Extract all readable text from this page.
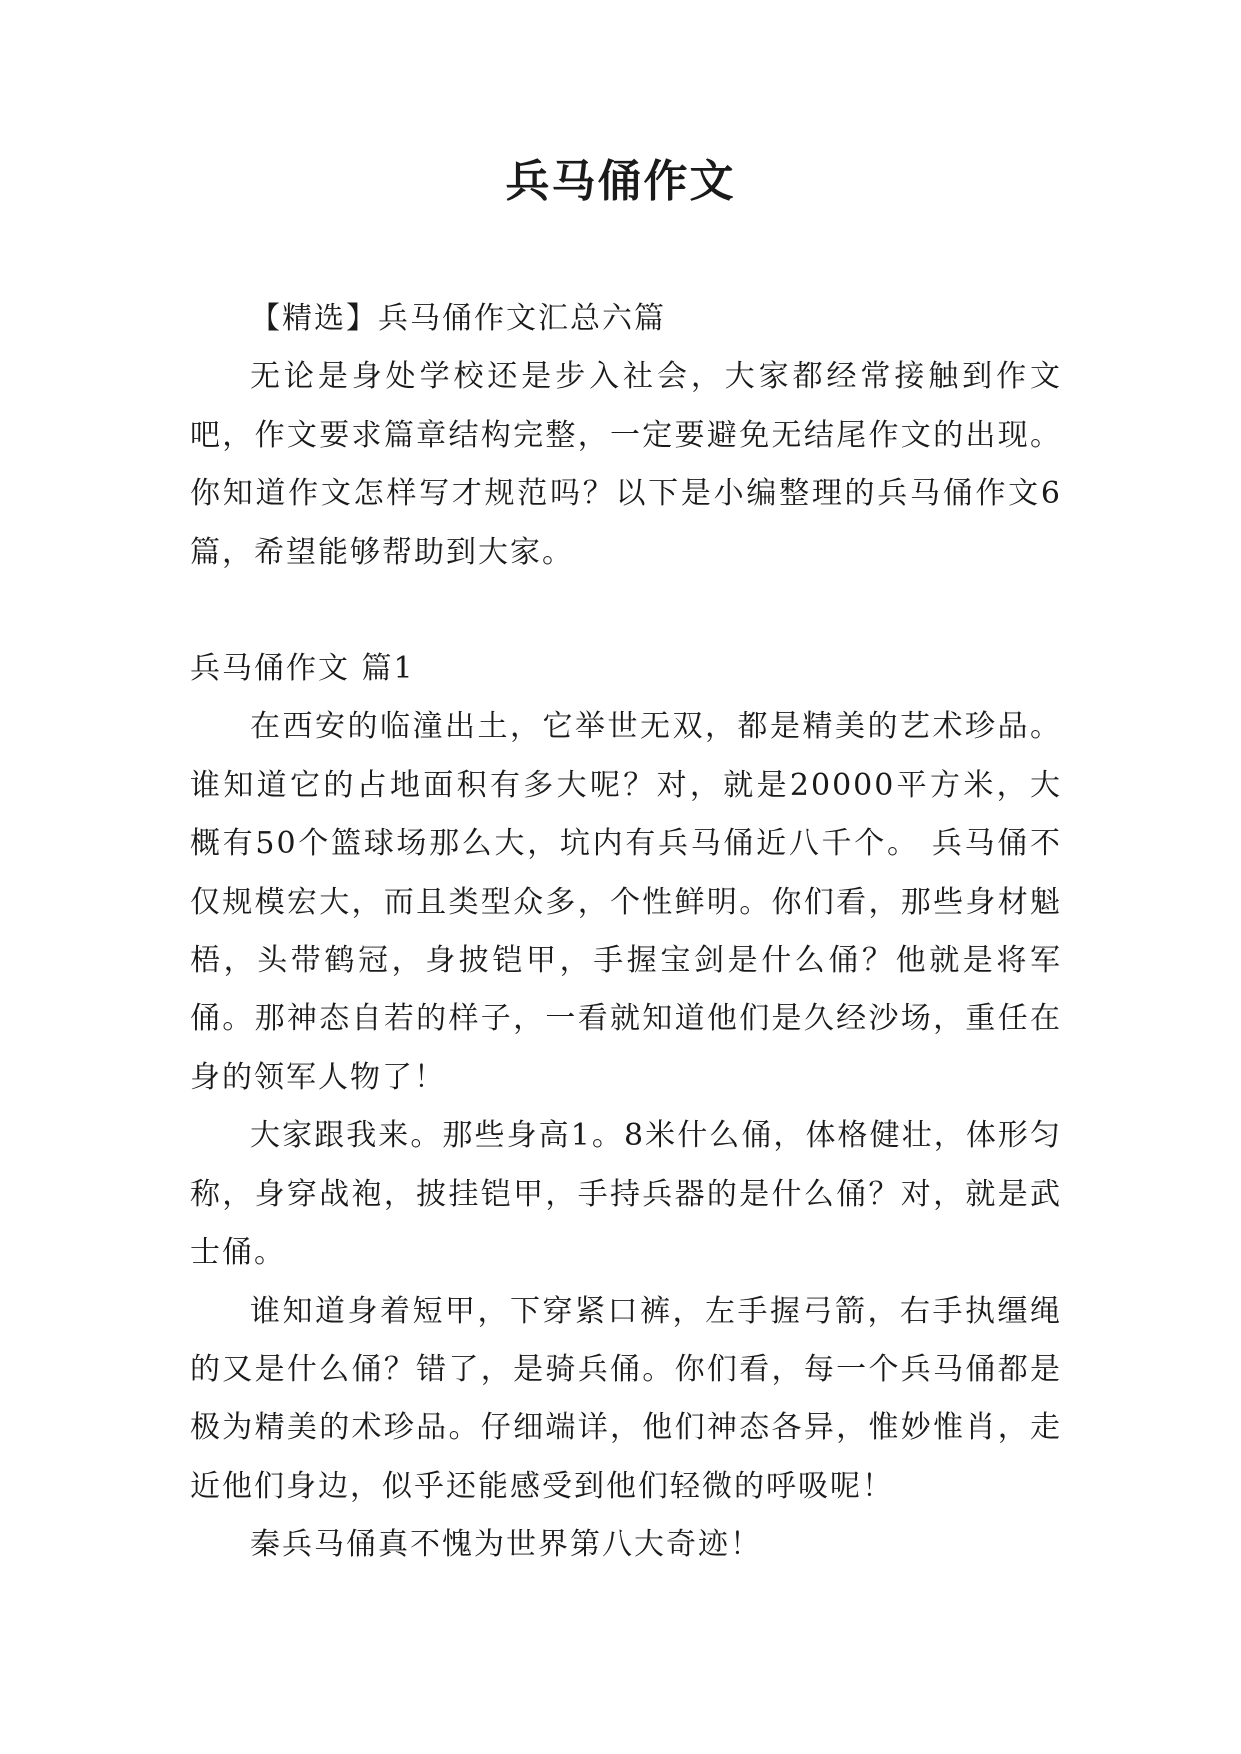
兵马俑作文

【精选】兵马俑作文汇总六篇

无论是身处学校还是步入社会，大家都经常接触到作文吧，作文要求篇章结构完整，一定要避免无结尾作文的出现。你知道作文怎样写才规范吗？以下是小编整理的兵马俑作文6篇，希望能够帮助到大家。

兵马俑作文 篇1

在西安的临潼出土，它举世无双，都是精美的艺术珍品。谁知道它的占地面积有多大呢？对，就是20000平方米，大概有50个篮球场那么大，坑内有兵马俑近八千个。 兵马俑不仅规模宏大，而且类型众多，个性鲜明。你们看，那些身材魁梧，头带鹤冠，身披铠甲，手握宝剑是什么俑？他就是将军俑。那神态自若的样子，一看就知道他们是久经沙场，重任在身的领军人物了！

大家跟我来。那些身高1。8米什么俑，体格健壮，体形匀称，身穿战袍，披挂铠甲，手持兵器的是什么俑？对，就是武士俑。

谁知道身着短甲，下穿紧口裤，左手握弓箭，右手执缰绳的又是什么俑？错了，是骑兵俑。你们看，每一个兵马俑都是极为精美的术珍品。仔细端详，他们神态各异，惟妙惟肖，走近他们身边，似乎还能感受到他们轻微的呼吸呢！

秦兵马俑真不愧为世界第八大奇迹！
